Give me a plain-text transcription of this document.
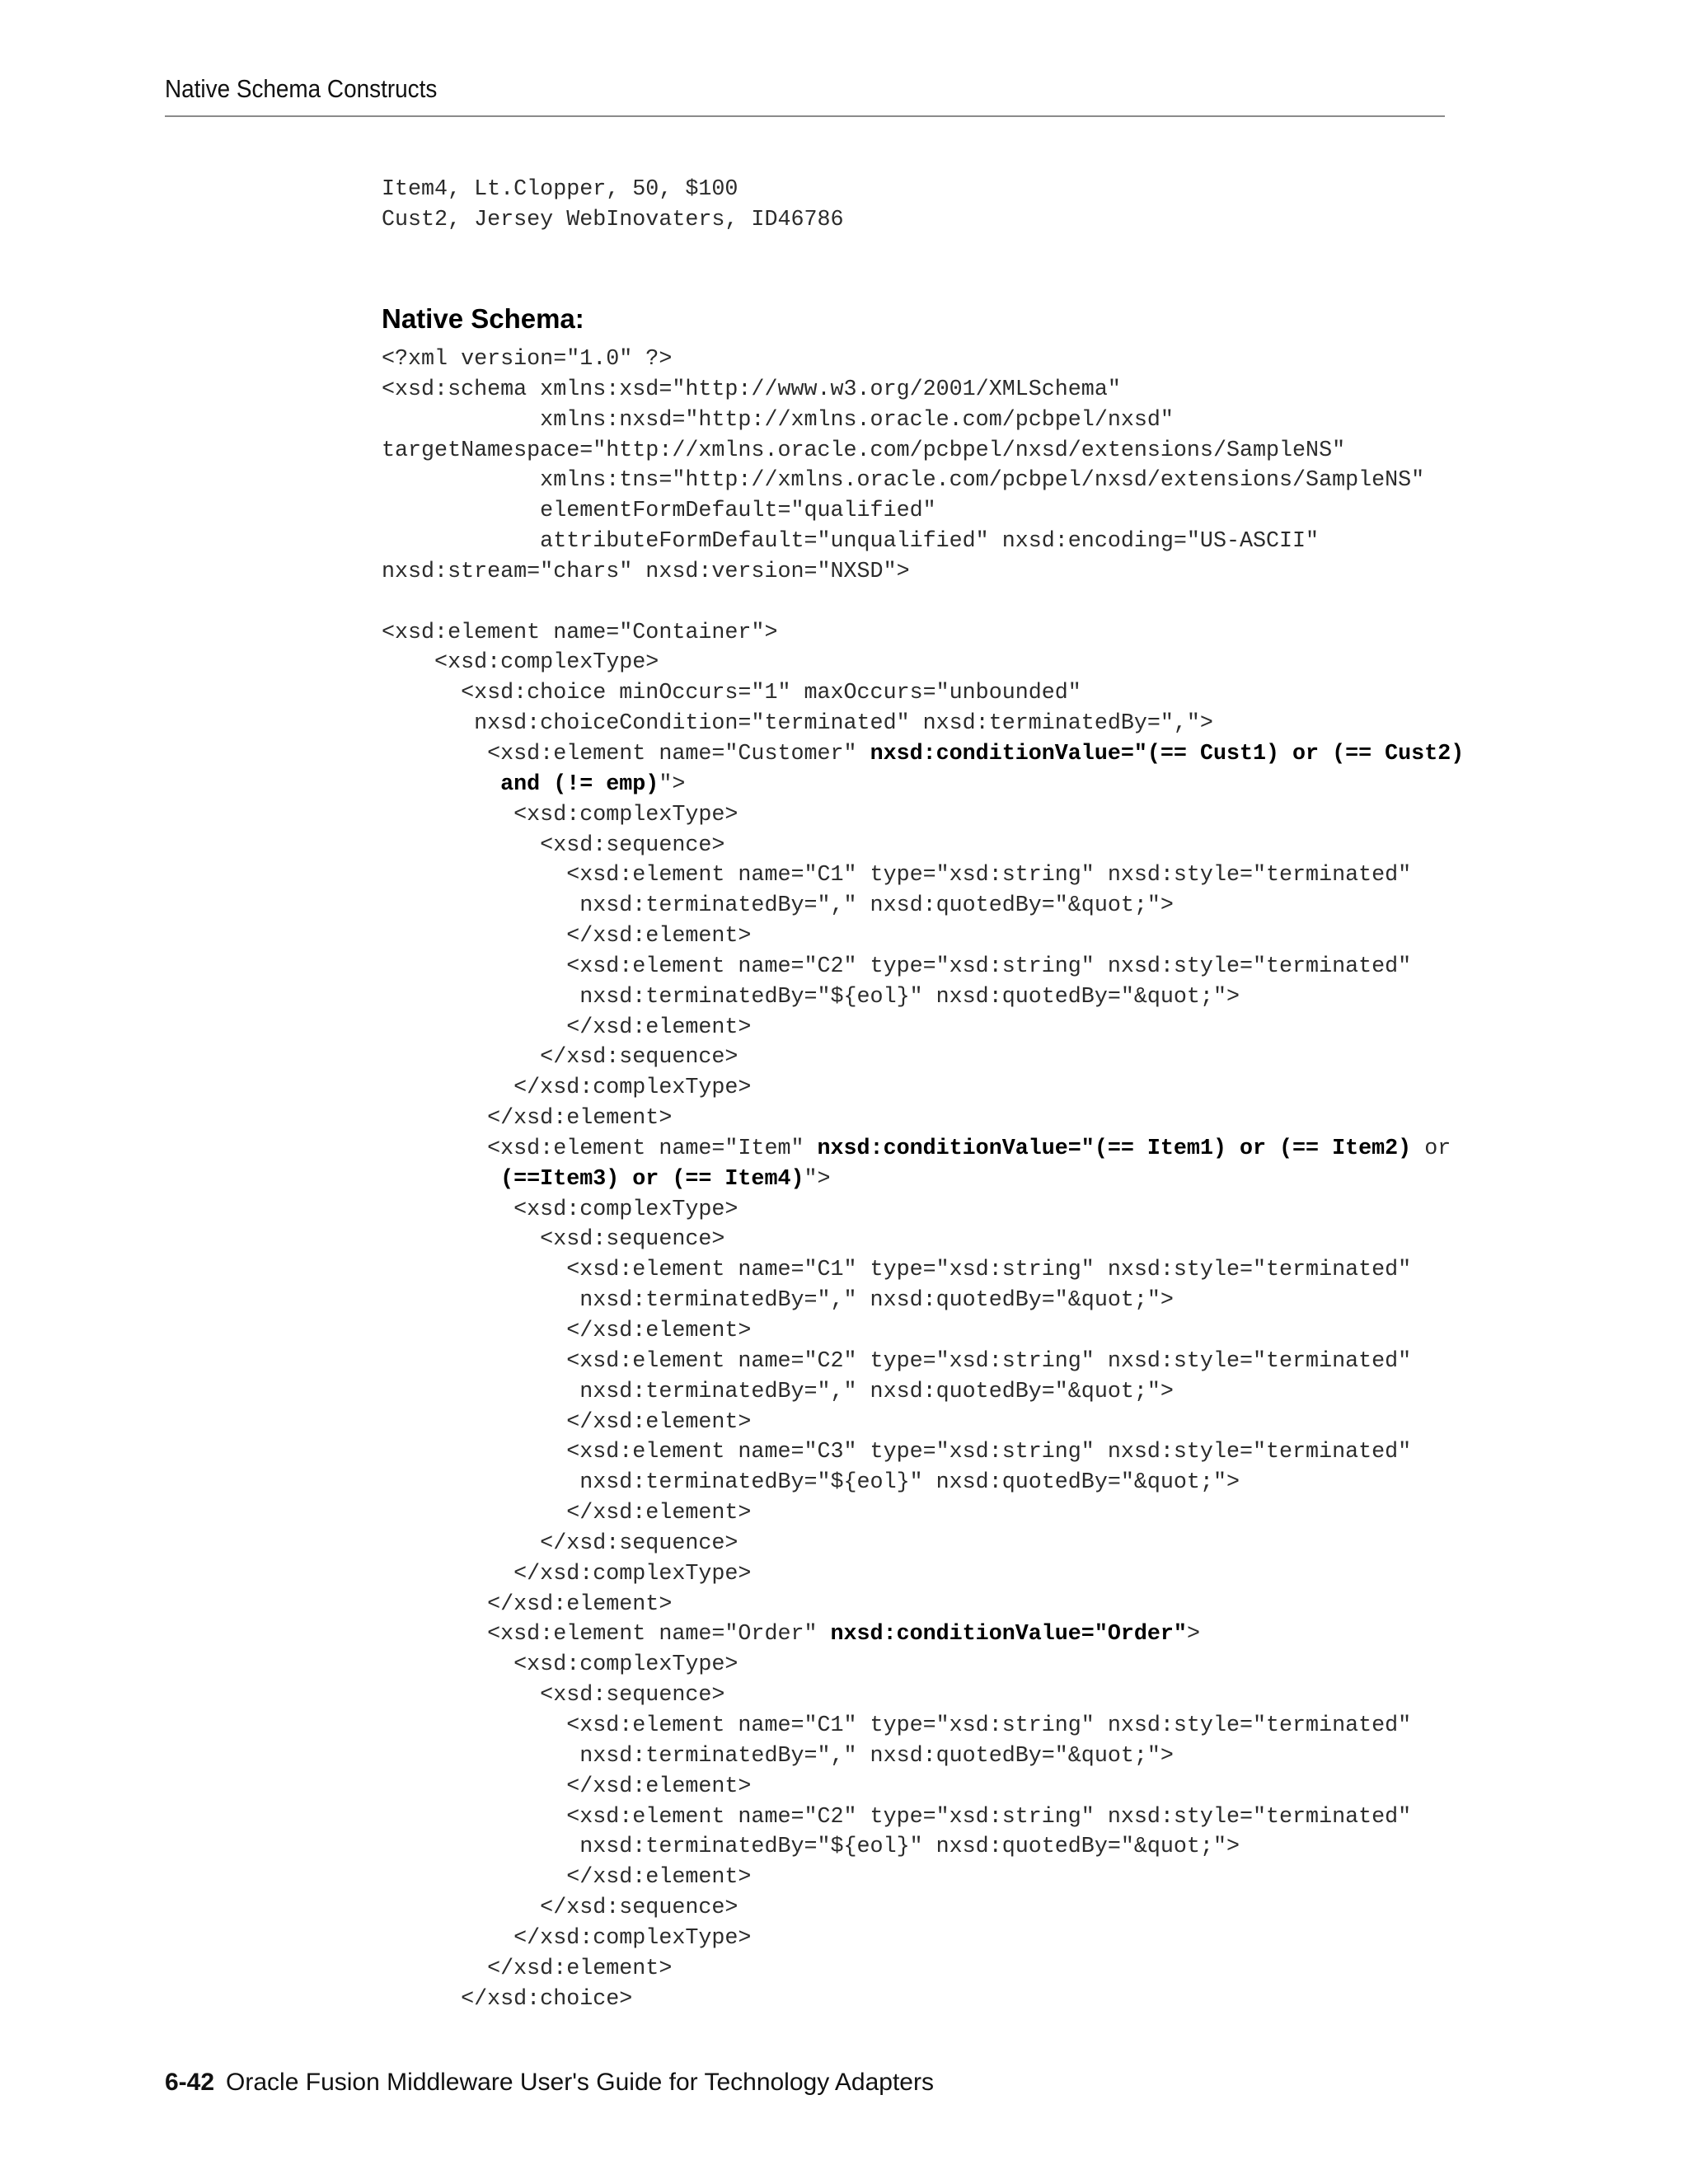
Native Schema Constructs
Item4, Lt.Clopper, 50, $100
Cust2, Jersey WebInovaters, ID46786
Native Schema:
<?xml version="1.0" ?>
<xsd:schema xmlns:xsd="http://www.w3.org/2001/XMLSchema"
xmlns:nxsd="http://xmlns.oracle.com/pcbpel/nxsd"
targetNamespace="http://xmlns.oracle.com/pcbpel/nxsd/extensions/SampleNS"
xmlns:tns="http://xmlns.oracle.com/pcbpel/nxsd/extensions/SampleNS"
elementFormDefault="qualified"
attributeFormDefault="unqualified" nxsd:encoding="US-ASCII"
nxsd:stream="chars" nxsd:version="NXSD">
<xsd:element name="Container">
<xsd:complexType>
<xsd:choice minOccurs="1" maxOccurs="unbounded"
nxsd:choiceCondition="terminated" nxsd:terminatedBy=",">
<xsd:element name="Customer" nxsd:conditionValue="(== Cust1) or (== Cust2)
and (!= emp)">
<xsd:complexType>
<xsd:sequence>
<xsd:element name="C1" type="xsd:string" nxsd:style="terminated"
nxsd:terminatedBy="," nxsd:quotedBy="&quot;">
</xsd:element>
<xsd:element name="C2" type="xsd:string" nxsd:style="terminated"
nxsd:terminatedBy="${eol}" nxsd:quotedBy="&quot;">
</xsd:element>
</xsd:sequence>
</xsd:complexType>
</xsd:element>
<xsd:element name="Item" nxsd:conditionValue="(== Item1) or (== Item2) or
(==Item3) or (== Item4)">
<xsd:complexType>
<xsd:sequence>
<xsd:element name="C1" type="xsd:string" nxsd:style="terminated"
nxsd:terminatedBy="," nxsd:quotedBy="&quot;">
</xsd:element>
<xsd:element name="C2" type="xsd:string" nxsd:style="terminated"
nxsd:terminatedBy="," nxsd:quotedBy="&quot;">
</xsd:element>
<xsd:element name="C3" type="xsd:string" nxsd:style="terminated"
nxsd:terminatedBy="${eol}" nxsd:quotedBy="&quot;">
</xsd:element>
</xsd:sequence>
</xsd:complexType>
</xsd:element>
<xsd:element name="Order" nxsd:conditionValue="Order">
<xsd:complexType>
<xsd:sequence>
<xsd:element name="C1" type="xsd:string" nxsd:style="terminated"
nxsd:terminatedBy="," nxsd:quotedBy="&quot;">
</xsd:element>
<xsd:element name="C2" type="xsd:string" nxsd:style="terminated"
nxsd:terminatedBy="${eol}" nxsd:quotedBy="&quot;">
</xsd:element>
</xsd:sequence>
</xsd:complexType>
</xsd:element>
</xsd:choice>
6-42 Oracle Fusion Middleware User's Guide for Technology Adapters
